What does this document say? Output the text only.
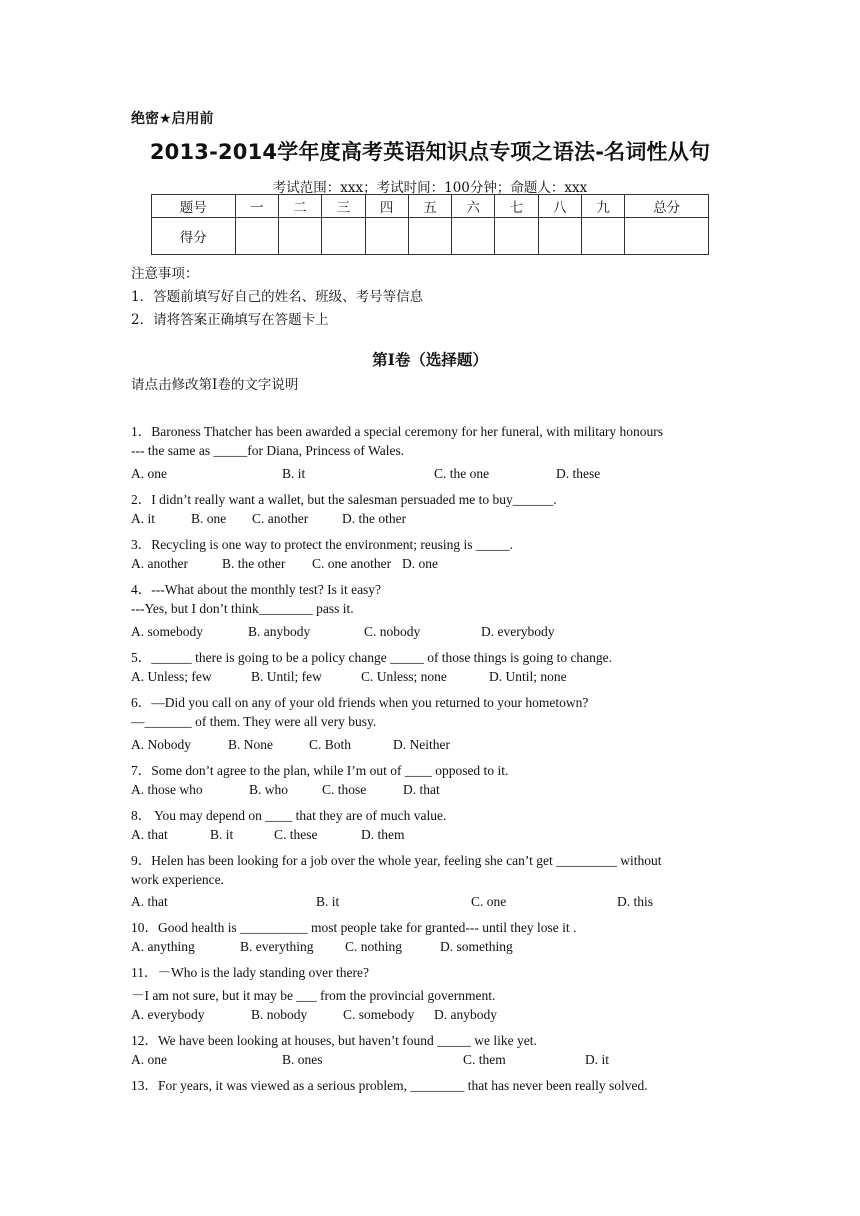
绝密★启用前
2013-2014学年度高考英语知识点专项之语法-名词性从句
考试范围：xxx；考试时间：100分钟；命题人：xxx
题号	一	二	三	四	五	六	七	八	九	总分
得分										
注意事项：
1．答题前填写好自己的姓名、班级、考号等信息
2．请将答案正确填写在答题卡上
第I卷（选择题）
请点击修改第I卷的文字说明
1．Baroness Thatcher has been awarded a special ceremony for her funeral, with military honours
--- the same as _____for Diana, Princess of Wales.
A. one	B. it	C. the one	D. these
2．I didn’t really want a wallet, but the salesman persuaded me to buy______.
A. it	B. one C. another	D. the other
3．Recycling is one way to protect the environment; reusing is _____.
A. another	B. the other C. one another D. one
4．---What about the monthly test? Is it easy?
---Yes, but I don’t think________ pass it.
A. somebody	B. anybody	C. nobody	D. everybody
5．______ there is going to be a policy change _____ of those things is going to change.
A. Unless; few	B. Until; few	C. Unless; none	D. Until; none
6．—Did you call on any of your old friends when you returned to your hometown?
—_______ of them. They were all very busy.
A. Nobody	B. None	C. Both	D. Neither
7．Some don’t agree to the plan, while I’m out of ____ opposed to it.
A. those who	B. who	C. those	D. that
8． You may depend on ____ that they are of much value.
A. that	B. it	C. these	D. them
9．Helen has been looking for a job over the whole year, feeling she can’t get _________ without
work experience.
A. that	B. it	C. one	D. this
10．Good health is __________ most people take for granted--- until they lose it .
A. anything	B. everything C. nothing	D. something
11．－Who is the lady standing over there?
－I am not sure, but it may be ___ from the provincial government.
A. everybody	B. nobody	C. somebody D. anybody
12．We have been looking at houses, but haven’t found _____ we like yet.
A. one	B. ones	C. them	D. it
13．For years, it was viewed as a serious problem, ________ that has never been really solved.
